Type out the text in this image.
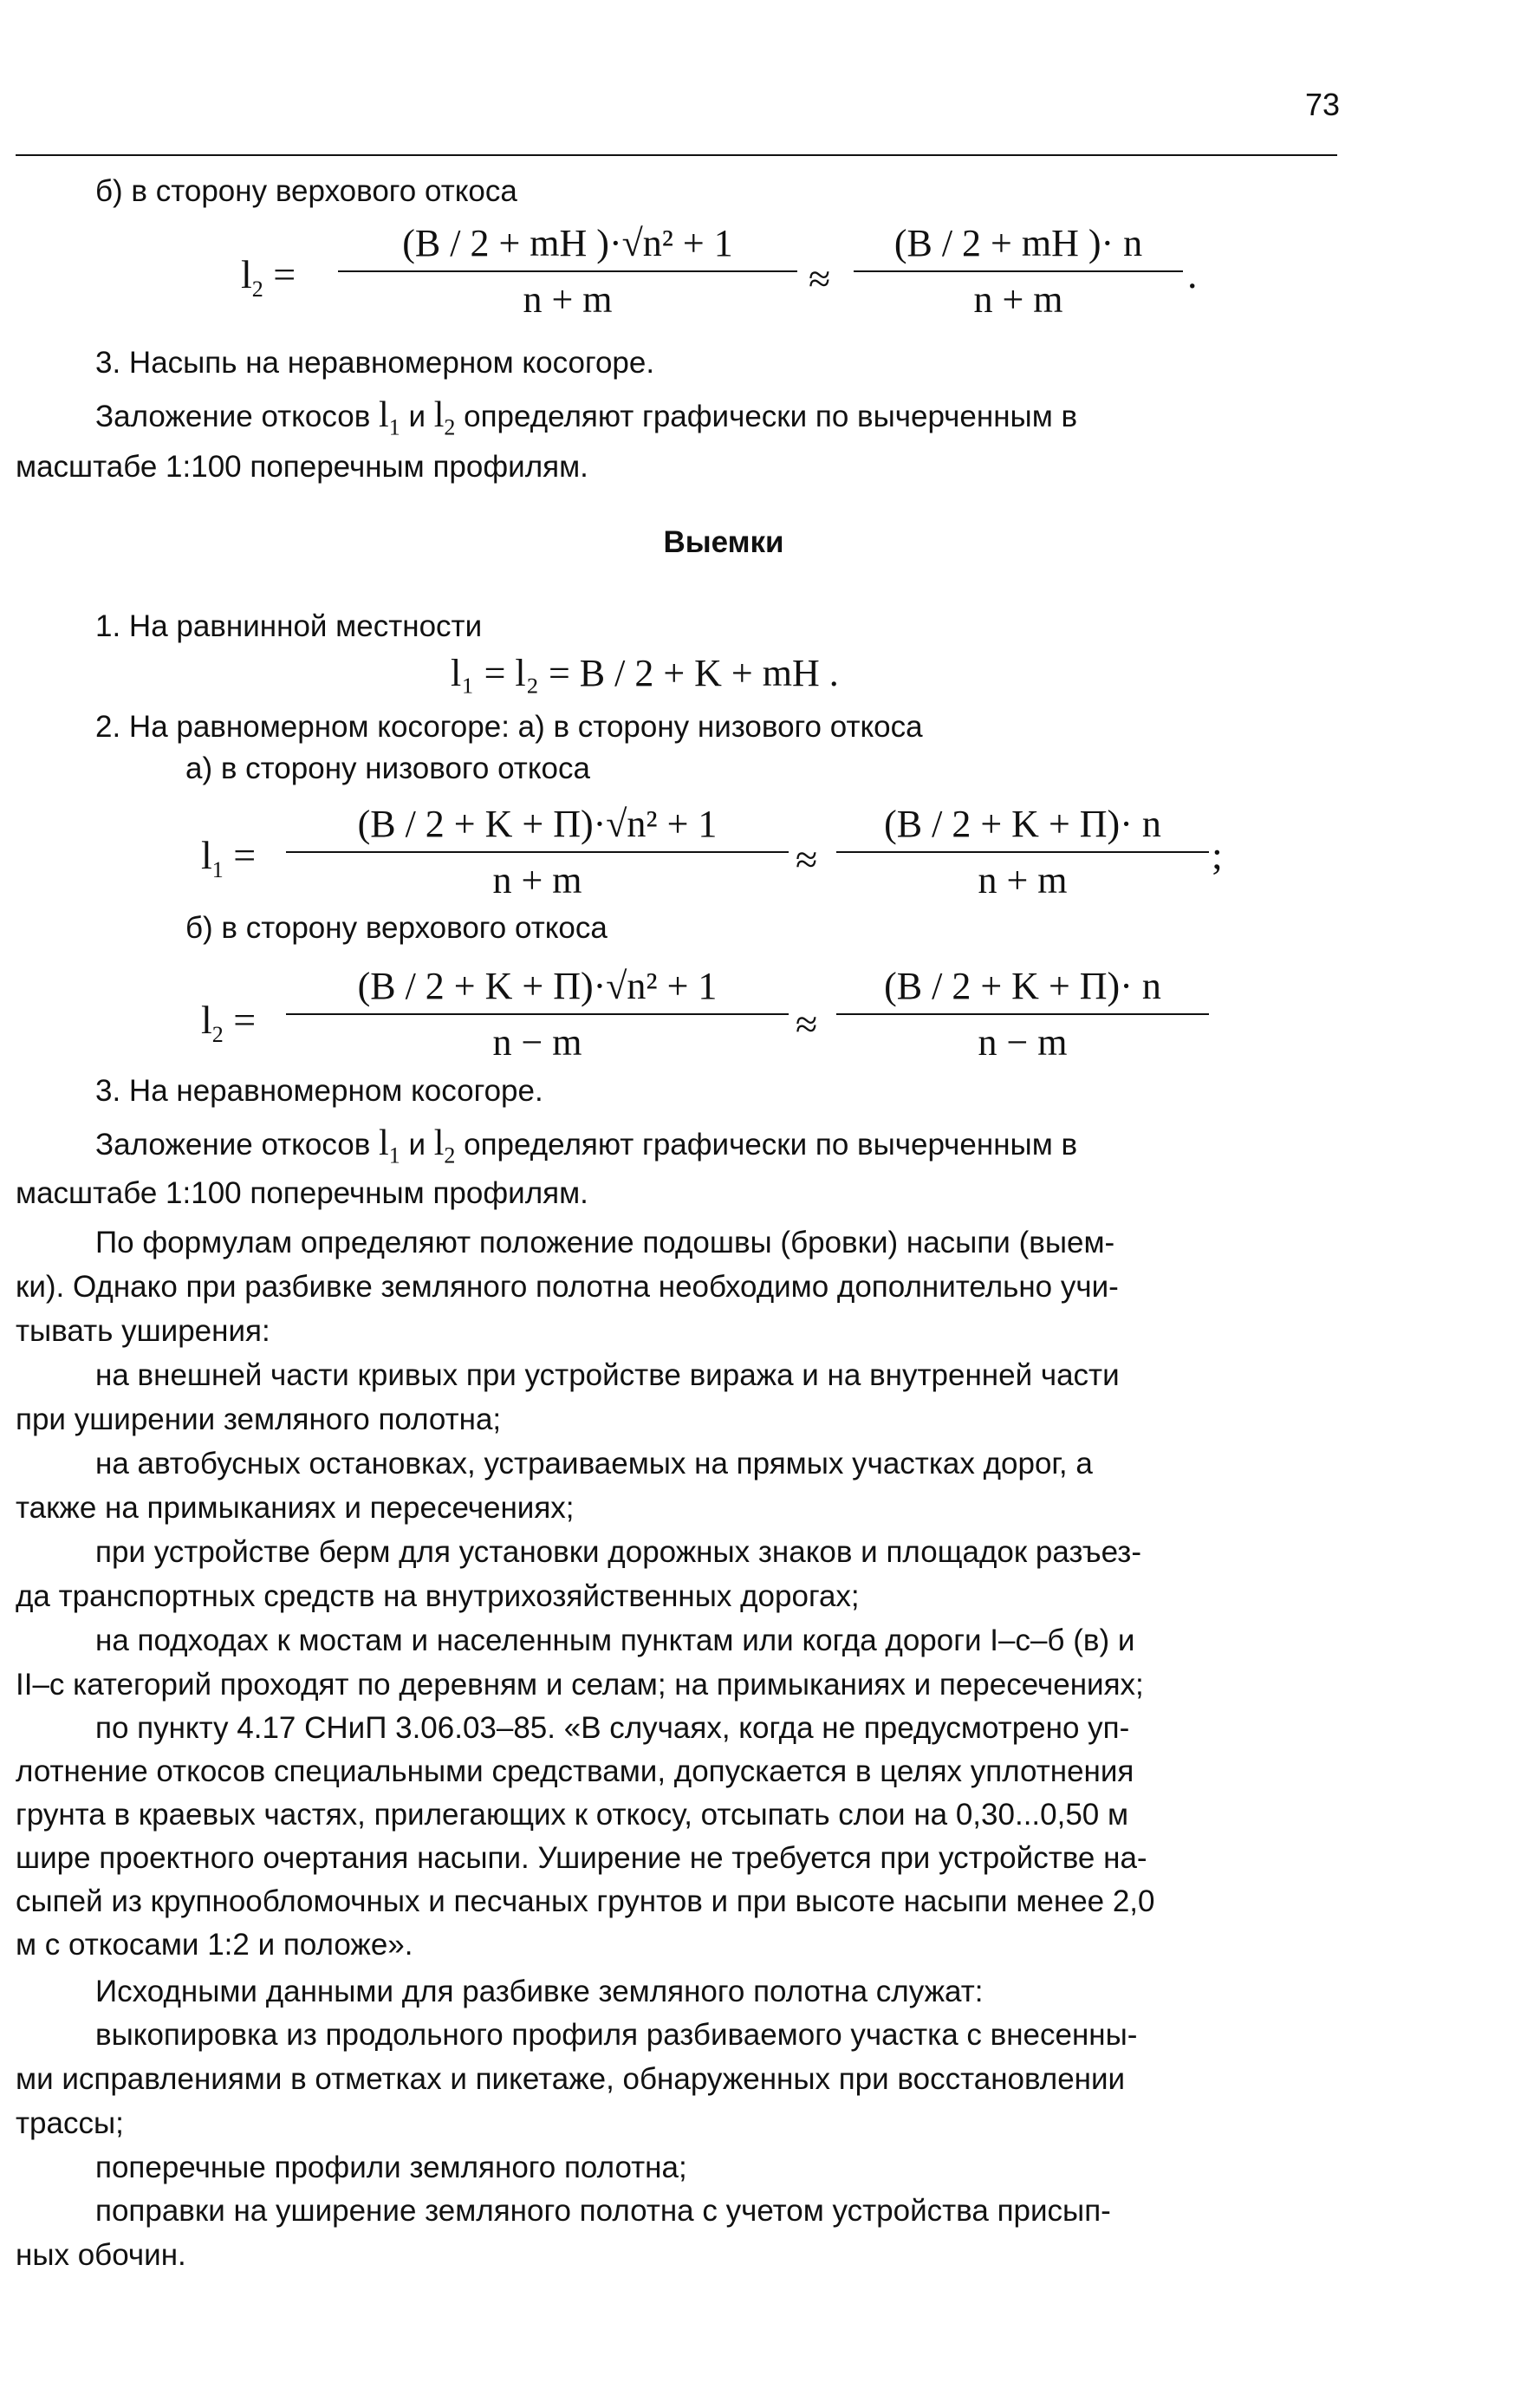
73
б) в сторону верхового откоса
$l_2 = \frac{\text{(B / 2 + mH )·√n² + 1}}{n + m} \approx \frac{(B / 2 + mH )\cdot n}{n + m}$ .
3. Насыпь на неравномерном косогоре.
Заложение откосов $l_1$ и $l_2$ определяют графически по вычерченным в
масштабе 1:100 поперечным профилям.
Выемки
1. На равнинной местности
l₁ = l₂ = B / 2 + K + mH .
2. На равномерном косогоре: а) в сторону низового откоса
а) в сторону низового откоса
$l_1$ =
(B / 2 + K + П)·√n² + 1
n + m	≈
(B / 2 + K + П)· n
n + m
;
б) в сторону верхового откоса
$l_2$ =
(B / 2 + K + П)·√n² + 1
n − m	≈
(B / 2 + K + П)· n
n − m
3. На неравномерном косогоре.
Заложение откосов $l_1$ и $l_2$ определяют графически по вычерченным в
масштабе 1:100 поперечным профилям.
По формулам определяют положение подошвы (бровки) насыпи (выем-
ки). Однако при разбивке земляного полотна необходимо дополнительно учи-
тывать уширения:
на внешней части кривых при устройстве виража и на внутренней части
при уширении земляного полотна;
на автобусных остановках, устраиваемых на прямых участках дорог, а
также на примыканиях и пересечениях;
при устройстве берм для установки дорожных знаков и площадок разъез-
да транспортных средств на внутрихозяйственных дорогах;
на подходах к мостам и населенным пунктам или когда дороги I–с–б (в) и
II–с категорий проходят по деревням и селам; на примыканиях и пересечениях;
по пункту 4.17 СНиП 3.06.03–85. «В случаях, когда не предусмотрено уп-
лотнение откосов специальными средствами, допускается в целях уплотнения
грунта в краевых частях, прилегающих к откосу, отсыпать слои на 0,30...0,50 м
шире проектного очертания насыпи. Уширение не требуется при устройстве на-
сыпей из крупнообломочных и песчаных грунтов и при высоте насыпи менее 2,0
м с откосами 1:2 и положе».
Исходными данными для разбивке земляного полотна служат:
выкопировка из продольного профиля разбиваемого участка с внесенны-
ми исправлениями в отметках и пикетаже, обнаруженных при восстановлении
трассы;
поперечные профили земляного полотна;
поправки на уширение земляного полотна с учетом устройства присып-
ных обочин.
